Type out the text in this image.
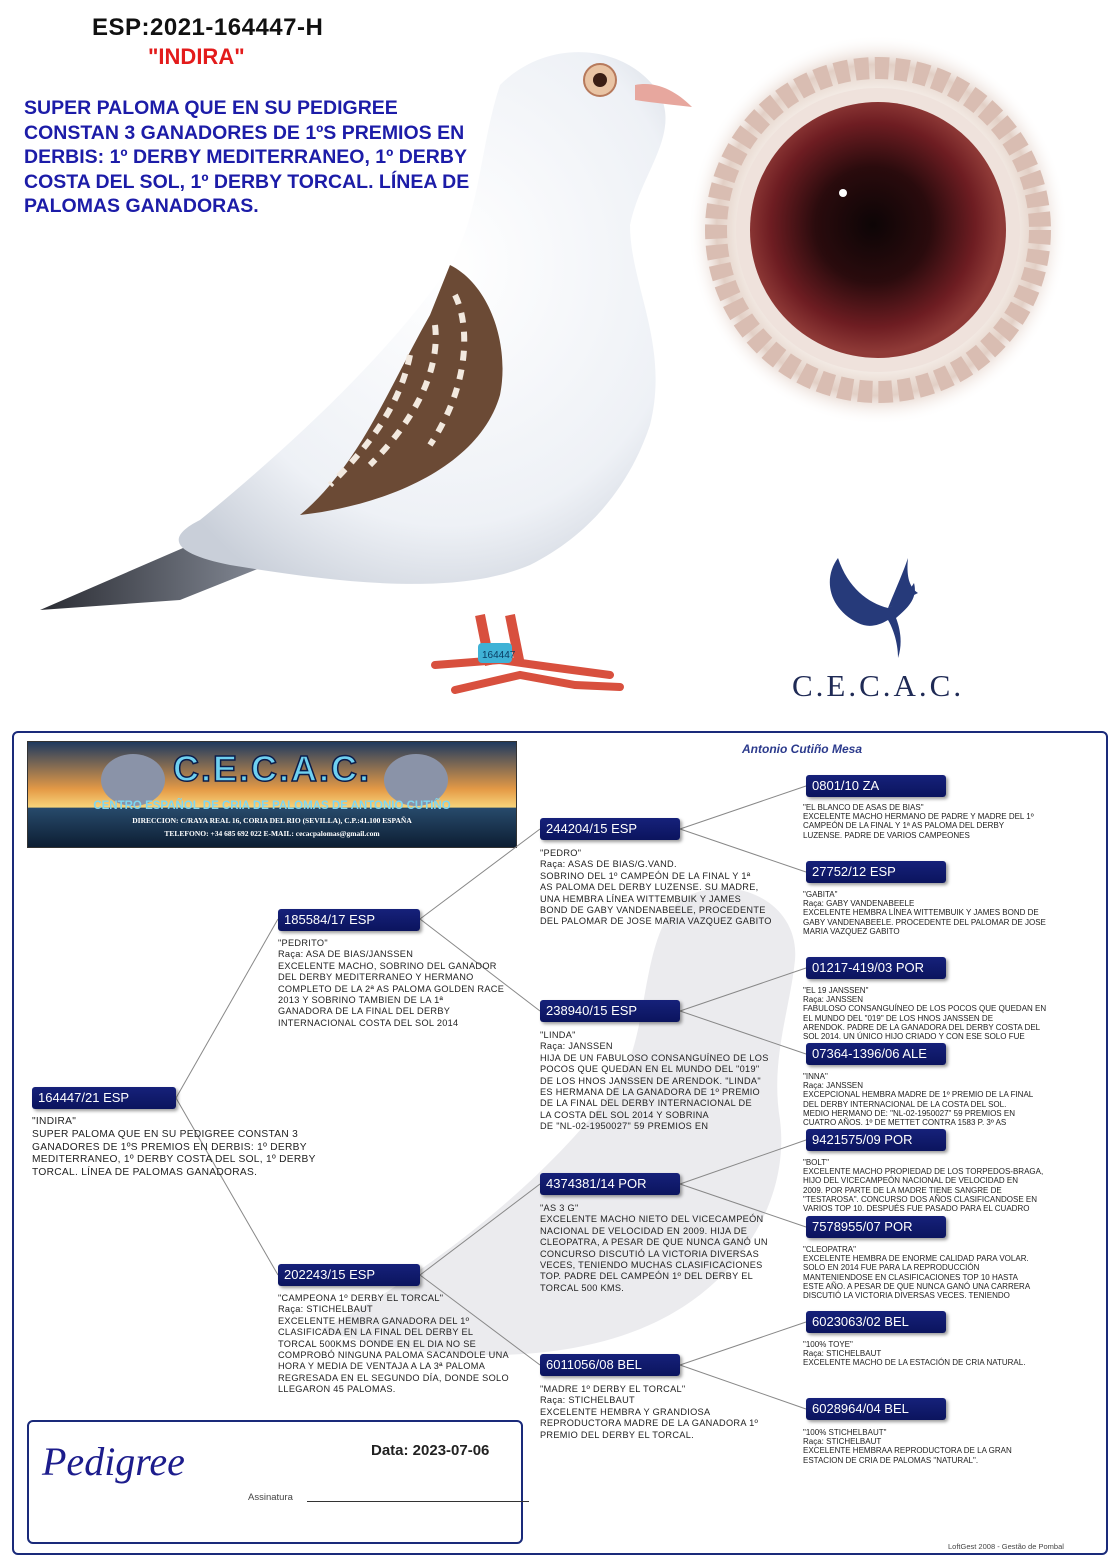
ESP:2021-164447-H
"INDIRA"
SUPER PALOMA QUE EN SU PEDIGREE CONSTAN 3 GANADORES DE 1ºS PREMIOS EN DERBIS: 1º DERBY MEDITERRANEO, 1º DERBY COSTA DEL SOL, 1º DERBY TORCAL. LÍNEA DE PALOMAS GANADORAS.
164447
C.E.C.A.C.
C.E.C.A.C.
CENTRO ESPAÑOL DE CRIA DE PALOMAS DE ANTONIO CUTIÑO
DIRECCION: C/RAYA REAL 16, CORIA DEL RIO (SEVILLA), C.P.:41.100 ESPAÑA
TELEFONO: +34 685 692 022 E-MAIL: cecacpalomas@gmail.com
Antonio Cutiño Mesa
164447/21 ESP
"INDIRA"
SUPER PALOMA QUE EN SU PEDIGREE CONSTAN 3
GANADORES DE 1ºS PREMIOS EN DERBIS: 1º DERBY
MEDITERRANEO, 1º DERBY COSTA DEL SOL, 1º DERBY
TORCAL. LÍNEA DE PALOMAS GANADORAS.
185584/17 ESP
"PEDRITO"
Raça: ASA DE BIAS/JANSSEN
EXCELENTE MACHO, SOBRINO DEL GANADOR
DEL DERBY MEDITERRANEO Y HERMANO
COMPLETO DE LA 2ª AS PALOMA GOLDEN RACE
2013 Y SOBRINO TAMBIEN DE LA 1ª
GANADORA DE LA FINAL DEL DERBY
INTERNACIONAL COSTA DEL SOL 2014
202243/15 ESP
"CAMPEONA 1º DERBY EL TORCAL"
Raça: STICHELBAUT
EXCELENTE HEMBRA GANADORA DEL 1º
CLASIFICADA EN LA FINAL DEL DERBY EL
TORCAL 500KMS DONDE EN EL DIA NO SE
COMPROBÓ NINGUNA PALOMA SACANDOLE UNA
HORA Y MEDIA DE VENTAJA A LA 3ª PALOMA
REGRESADA EN EL SEGUNDO DÍA, DONDE SOLO
LLEGARON 45 PALOMAS.
244204/15 ESP
"PEDRO"
Raça: ASAS DE BIAS/G.VAND.
SOBRINO DEL 1º CAMPEÓN DE LA FINAL Y 1ª
AS PALOMA DEL DERBY LUZENSE. SU MADRE,
UNA HEMBRA LÍNEA WITTEMBUIK Y JAMES
BOND DE GABY VANDENABEELE, PROCEDENTE
DEL PALOMAR DE JOSE MARIA VAZQUEZ GABITO
238940/15 ESP
"LINDA"
Raça: JANSSEN
HIJA DE UN FABULOSO CONSANGUÍNEO DE LOS
POCOS QUE QUEDAN EN EL MUNDO DEL "019"
DE LOS HNOS JANSSEN DE ARENDOK. "LINDA"
ES HERMANA DE LA GANADORA DE 1º PREMIO
DE LA FINAL DEL DERBY INTERNACIONAL DE
LA COSTA DEL SOL 2014 Y SOBRINA
DE "NL-02-1950027" 59 PREMIOS EN
4374381/14 POR
"AS 3 G"
EXCELENTE MACHO NIETO DEL VICECAMPEÓN
NACIONAL DE VELOCIDAD EN 2009. HIJA DE
CLEOPATRA, A PESAR DE QUE NUNCA GANÓ UN
CONCURSO DISCUTIÓ LA VICTORIA DIVERSAS
VECES, TENIENDO MUCHAS CLASIFICACIONES
TOP. PADRE DEL CAMPEÓN 1º DEL DERBY EL
TORCAL 500 KMS.
6011056/08 BEL
"MADRE 1º DERBY EL TORCAL"
Raça: STICHELBAUT
EXCELENTE HEMBRA Y GRANDIOSA
REPRODUCTORA MADRE DE LA GANADORA 1º
PREMIO DEL DERBY EL TORCAL.
0801/10 ZA
"EL BLANCO DE ASAS DE BIAS"
EXCELENTE MACHO HERMANO DE PADRE Y MADRE DEL 1º
CAMPEÓN DE LA FINAL Y 1ª AS PALOMA DEL DERBY
LUZENSE. PADRE DE VARIOS CAMPEONES
27752/12 ESP
"GABITA"
Raça: GABY VANDENABEELE
EXCELENTE HEMBRA LÍNEA WITTEMBUIK Y JAMES BOND DE
GABY VANDENABEELE. PROCEDENTE DEL PALOMAR DE JOSE
MARIA VAZQUEZ GABITO
01217-419/03 POR
"EL 19 JANSSEN"
Raça: JANSSEN
FABULOSO CONSANGUÍNEO DE LOS POCOS QUE QUEDAN EN
EL MUNDO DEL "019" DE LOS HNOS JANSSEN DE
ARENDOK. PADRE DE LA GANADORA DEL DERBY COSTA DEL
SOL 2014. UN ÚNICO HIJO CRIADO Y CON ESE SOLO FUE
07364-1396/06 ALE
"INNA"
Raça: JANSSEN
EXCEPCIONAL HEMBRA MADRE DE 1º PREMIO DE LA FINAL
DEL DERBY INTERNACIONAL DE LA COSTA DEL SOL.
MEDIO HERMANO DE: "NL-02-1950027" 59 PREMIOS EN
CUATRO AÑOS. 1º DE METTET CONTRA 1583 P. 3º AS
9421575/09 POR
"BOLT"
EXCELENTE MACHO PROPIEDAD DE LOS TORPEDOS-BRAGA,
HIJO DEL VICECAMPEÓN NACIONAL DE VELOCIDAD EN
2009. POR PARTE DE LA MADRE TIENE SANGRE DE
"TESTAROSA". CONCURSO DOS AÑOS CLASIFICANDOSE EN
VARIOS TOP 10. DESPUÉS FUE PASADO PARA EL CUADRO
7578955/07 POR
"CLEOPATRA"
EXCELENTE HEMBRA DE ENORME CALIDAD PARA VOLAR.
SOLO EN 2014 FUE PARA LA REPRODUCCIÓN
MANTENIENDOSE EN CLASIFICACIONES TOP 10 HASTA
ESTE AÑO. A PESAR DE QUE NUNCA GANÓ UNA CARRERA
DISCUTIÓ LA VICTORIA DIVERSAS VECES. TENIENDO
6023063/02 BEL
"100% TOYE"
Raça: STICHELBAUT
EXCELENTE MACHO DE LA ESTACIÓN DE CRIA NATURAL.
6028964/04 BEL
"100% STICHELBAUT"
Raça: STICHELBAUT
EXCELENTE HEMBRAA REPRODUCTORA DE LA GRAN
ESTACION DE CRIA DE PALOMAS "NATURAL".
Pedigree	Data: 2023-07-06
Assinatura
LoftGest 2008 - Gestão de Pombal
